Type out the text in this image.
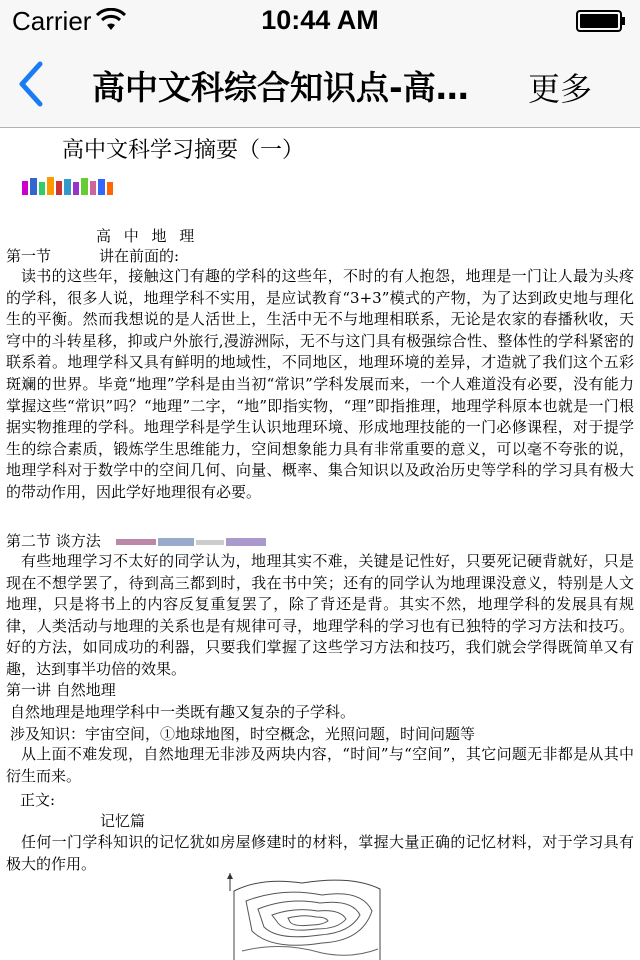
Carrier	10:44 AM
高中文科综合知识点-高…	更多
高中文科学习摘要（一）
高 中 地 理
第一节	讲在前面的:

读书的这些年，接触这门有趣的学科的这些年，不时的有人抱怨，地理是一门让人最为头疼的学科，很多人说，地理学科不实用，是应试教育“3+3”模式的产物，为了达到政史地与理化生的平衡。然而我想说的是人活世上，生活中无不与地理相联系，无论是农家的春播秋收，天穹中的斗转星移，抑或户外旅行,漫游洲际，无不与这门具有极强综合性、整体性的学科紧密的联系着。地理学科又具有鲜明的地域性，不同地区，地理环境的差异，才造就了我们这个五彩斑斓的世界。毕竟“地理”学科是由当初“常识”学科发展而来，一个人难道没有必要，没有能力掌握这些“常识”吗？“地理”二字，“地”即指实物，“理”即指推理，地理学科原本也就是一门根据实物推理的学科。地理学科是学生认识地理环境、形成地理技能的一门必修课程，对于提学生的综合素质，锻炼学生思维能力，空间想象能力具有非常重要的意义，可以毫不夸张的说，地理学科对于数学中的空间几何、向量、概率、集合知识以及政治历史等学科的学习具有极大的带动作用，因此学好地理很有必要。

第二节 谈方法

有些地理学习不太好的同学认为，地理其实不难，关键是记性好，只要死记硬背就好，只是现在不想学罢了，待到高三都到时，我在书中笑；还有的同学认为地理课没意义，特别是人文地理，只是将书上的内容反复重复罢了，除了背还是背。其实不然，地理学科的发展具有规律，人类活动与地理的关系也是有规律可寻，地理学科的学习也有已独特的学习方法和技巧。好的方法，如同成功的利器，只要我们掌握了这些学习方法和技巧，我们就会学得既简单又有趣，达到事半功倍的效果。

第一讲 自然地理
自然地理是地理学科中一类既有趣又复杂的子学科。
涉及知识：宇宙空间，①地球地图，时空概念，光照问题，时间问题等

从上面不难发现，自然地理无非涉及两块内容，“时间”与“空间”，其它问题无非都是从其中衍生而来。

正文:
记忆篇

任何一门学科知识的记忆犹如房屋修建时的材料，掌握大量正确的记忆材料，对于学习具有极大的作用。
